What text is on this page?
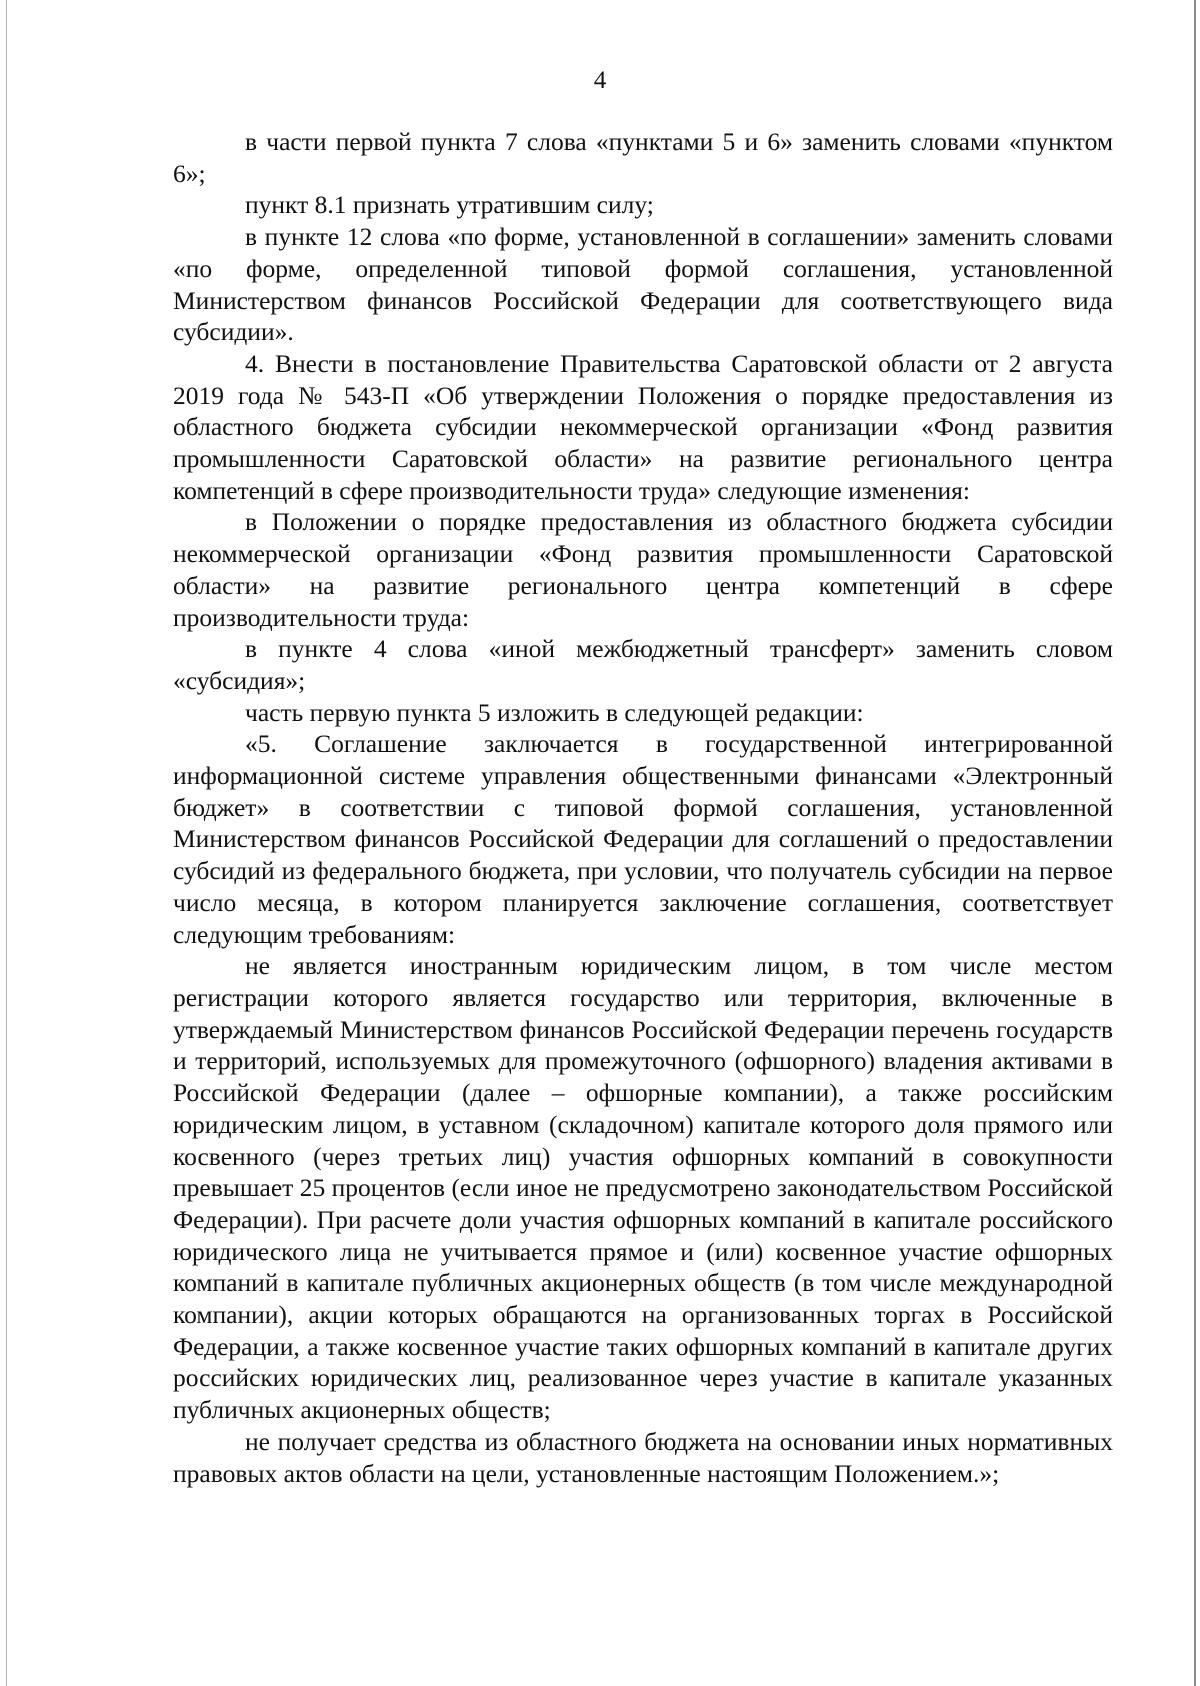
4

в части первой пункта 7 слова «пунктами 5 и 6» заменить словами «пунктом 6»;

пункт 8.1 признать утратившим силу;

в пункте 12 слова «по форме, установленной в соглашении» заменить словами «по форме, определенной типовой формой соглашения, установленной Министерством финансов Российской Федерации для соответствующего вида субсидии».

4. Внести в постановление Правительства Саратовской области от 2 августа 2019 года № 543-П «Об утверждении Положения о порядке предоставления из областного бюджета субсидии некоммерческой организации «Фонд развития промышленности Саратовской области» на развитие регионального центра компетенций в сфере производительности труда» следующие изменения:

в Положении о порядке предоставления из областного бюджета субсидии некоммерческой организации «Фонд развития промышленности Саратовской области» на развитие регионального центра компетенций в сфере производительности труда:

в пункте 4 слова «иной межбюджетный трансферт» заменить словом «субсидия»;

часть первую пункта 5 изложить в следующей редакции:

«5. Соглашение заключается в государственной интегрированной информационной системе управления общественными финансами «Электронный бюджет» в соответствии с типовой формой соглашения, установленной Министерством финансов Российской Федерации для соглашений о предоставлении субсидий из федерального бюджета, при условии, что получатель субсидии на первое число месяца, в котором планируется заключение соглашения, соответствует следующим требованиям:

не является иностранным юридическим лицом, в том числе местом регистрации которого является государство или территория, включенные в утверждаемый Министерством финансов Российской Федерации перечень государств и территорий, используемых для промежуточного (офшорного) владения активами в Российской Федерации (далее – офшорные компании), а также российским юридическим лицом, в уставном (складочном) капитале которого доля прямого или косвенного (через третьих лиц) участия офшорных компаний в совокупности превышает 25 процентов (если иное не предусмотрено законодательством Российской Федерации). При расчете доли участия офшорных компаний в капитале российского юридического лица не учитывается прямое и (или) косвенное участие офшорных компаний в капитале публичных акционерных обществ (в том числе международной компании), акции которых обращаются на организованных торгах в Российской Федерации, а также косвенное участие таких офшорных компаний в капитале других российских юридических лиц, реализованное через участие в капитале указанных публичных акционерных обществ;

не получает средства из областного бюджета на основании иных нормативных правовых актов области на цели, установленные настоящим Положением.»;
